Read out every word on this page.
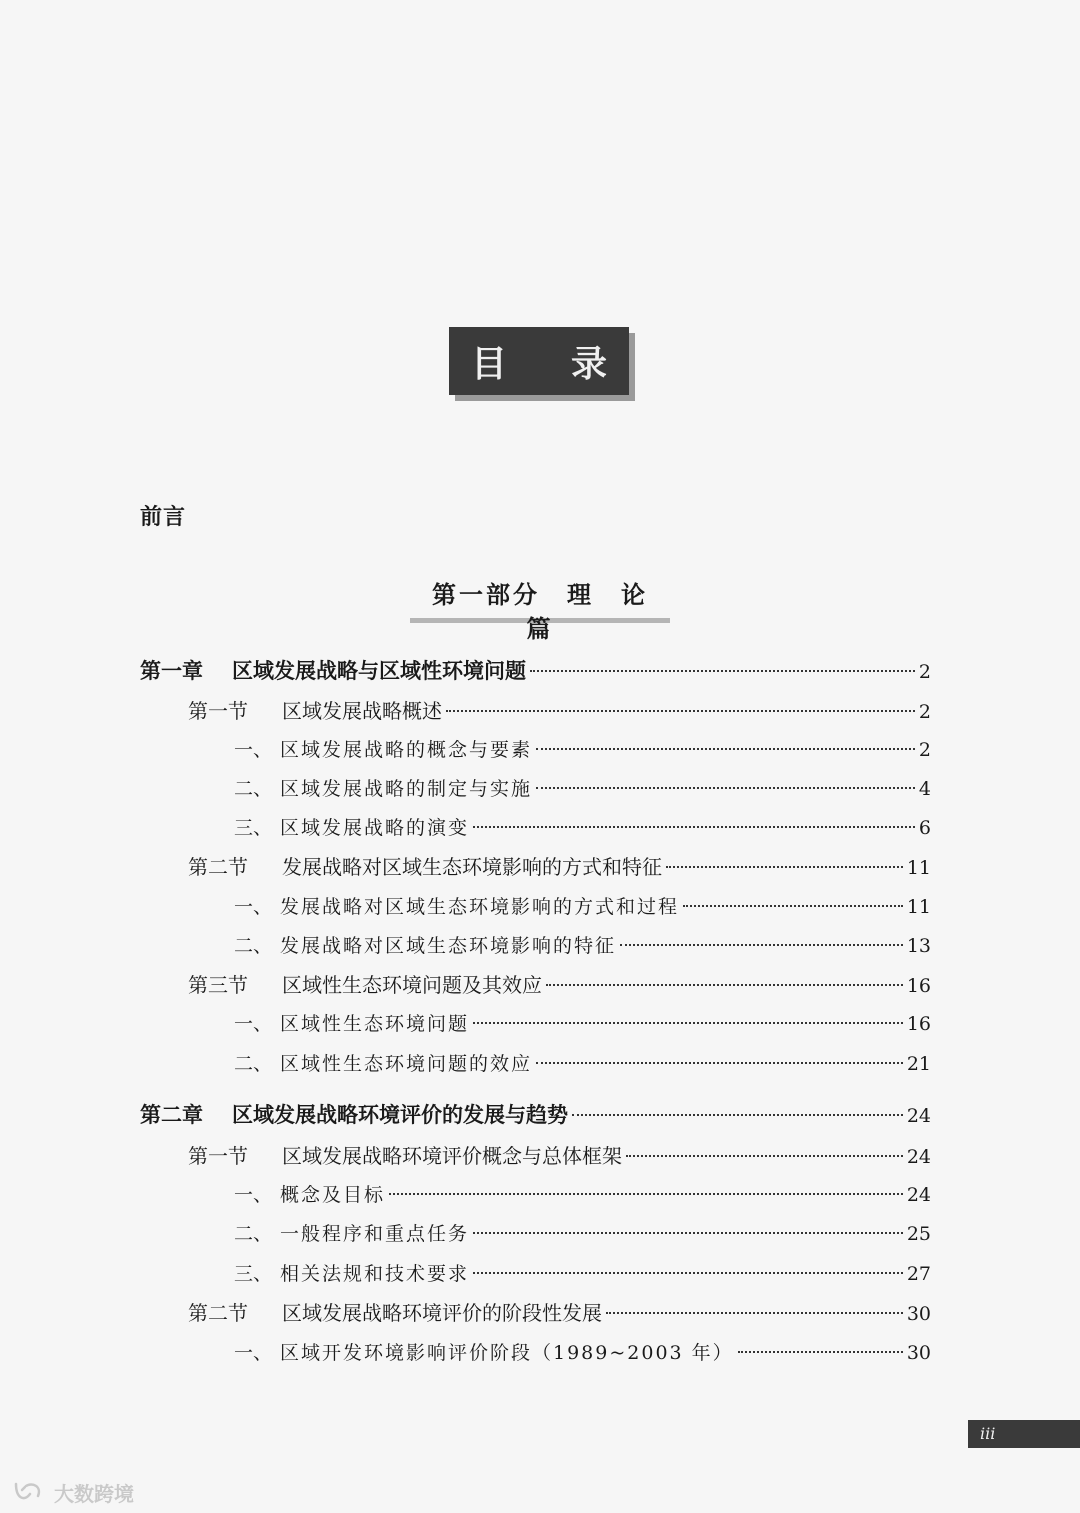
目 录
前言
第一部分　理　论　篇
第一章	区域发展战略与区域性环境问题	2
第一节	区域发展战略概述	2
一、 区域发展战略的概念与要素	2
二、 区域发展战略的制定与实施	4
三、 区域发展战略的演变	6
第二节	发展战略对区域生态环境影响的方式和特征	11
一、 发展战略对区域生态环境影响的方式和过程	11
二、 发展战略对区域生态环境影响的特征	13
第三节	区域性生态环境问题及其效应	16
一、 区域性生态环境问题	16
二、 区域性生态环境问题的效应	21
第二章	区域发展战略环境评价的发展与趋势	24
第一节	区域发展战略环境评价概念与总体框架	24
一、 概念及目标	24
二、 一般程序和重点任务	25
三、 相关法规和技术要求	27
第二节	区域发展战略环境评价的阶段性发展	30
一、 区域开发环境影响评价阶段（1989~2003 年）	30
iii
大数跨境
